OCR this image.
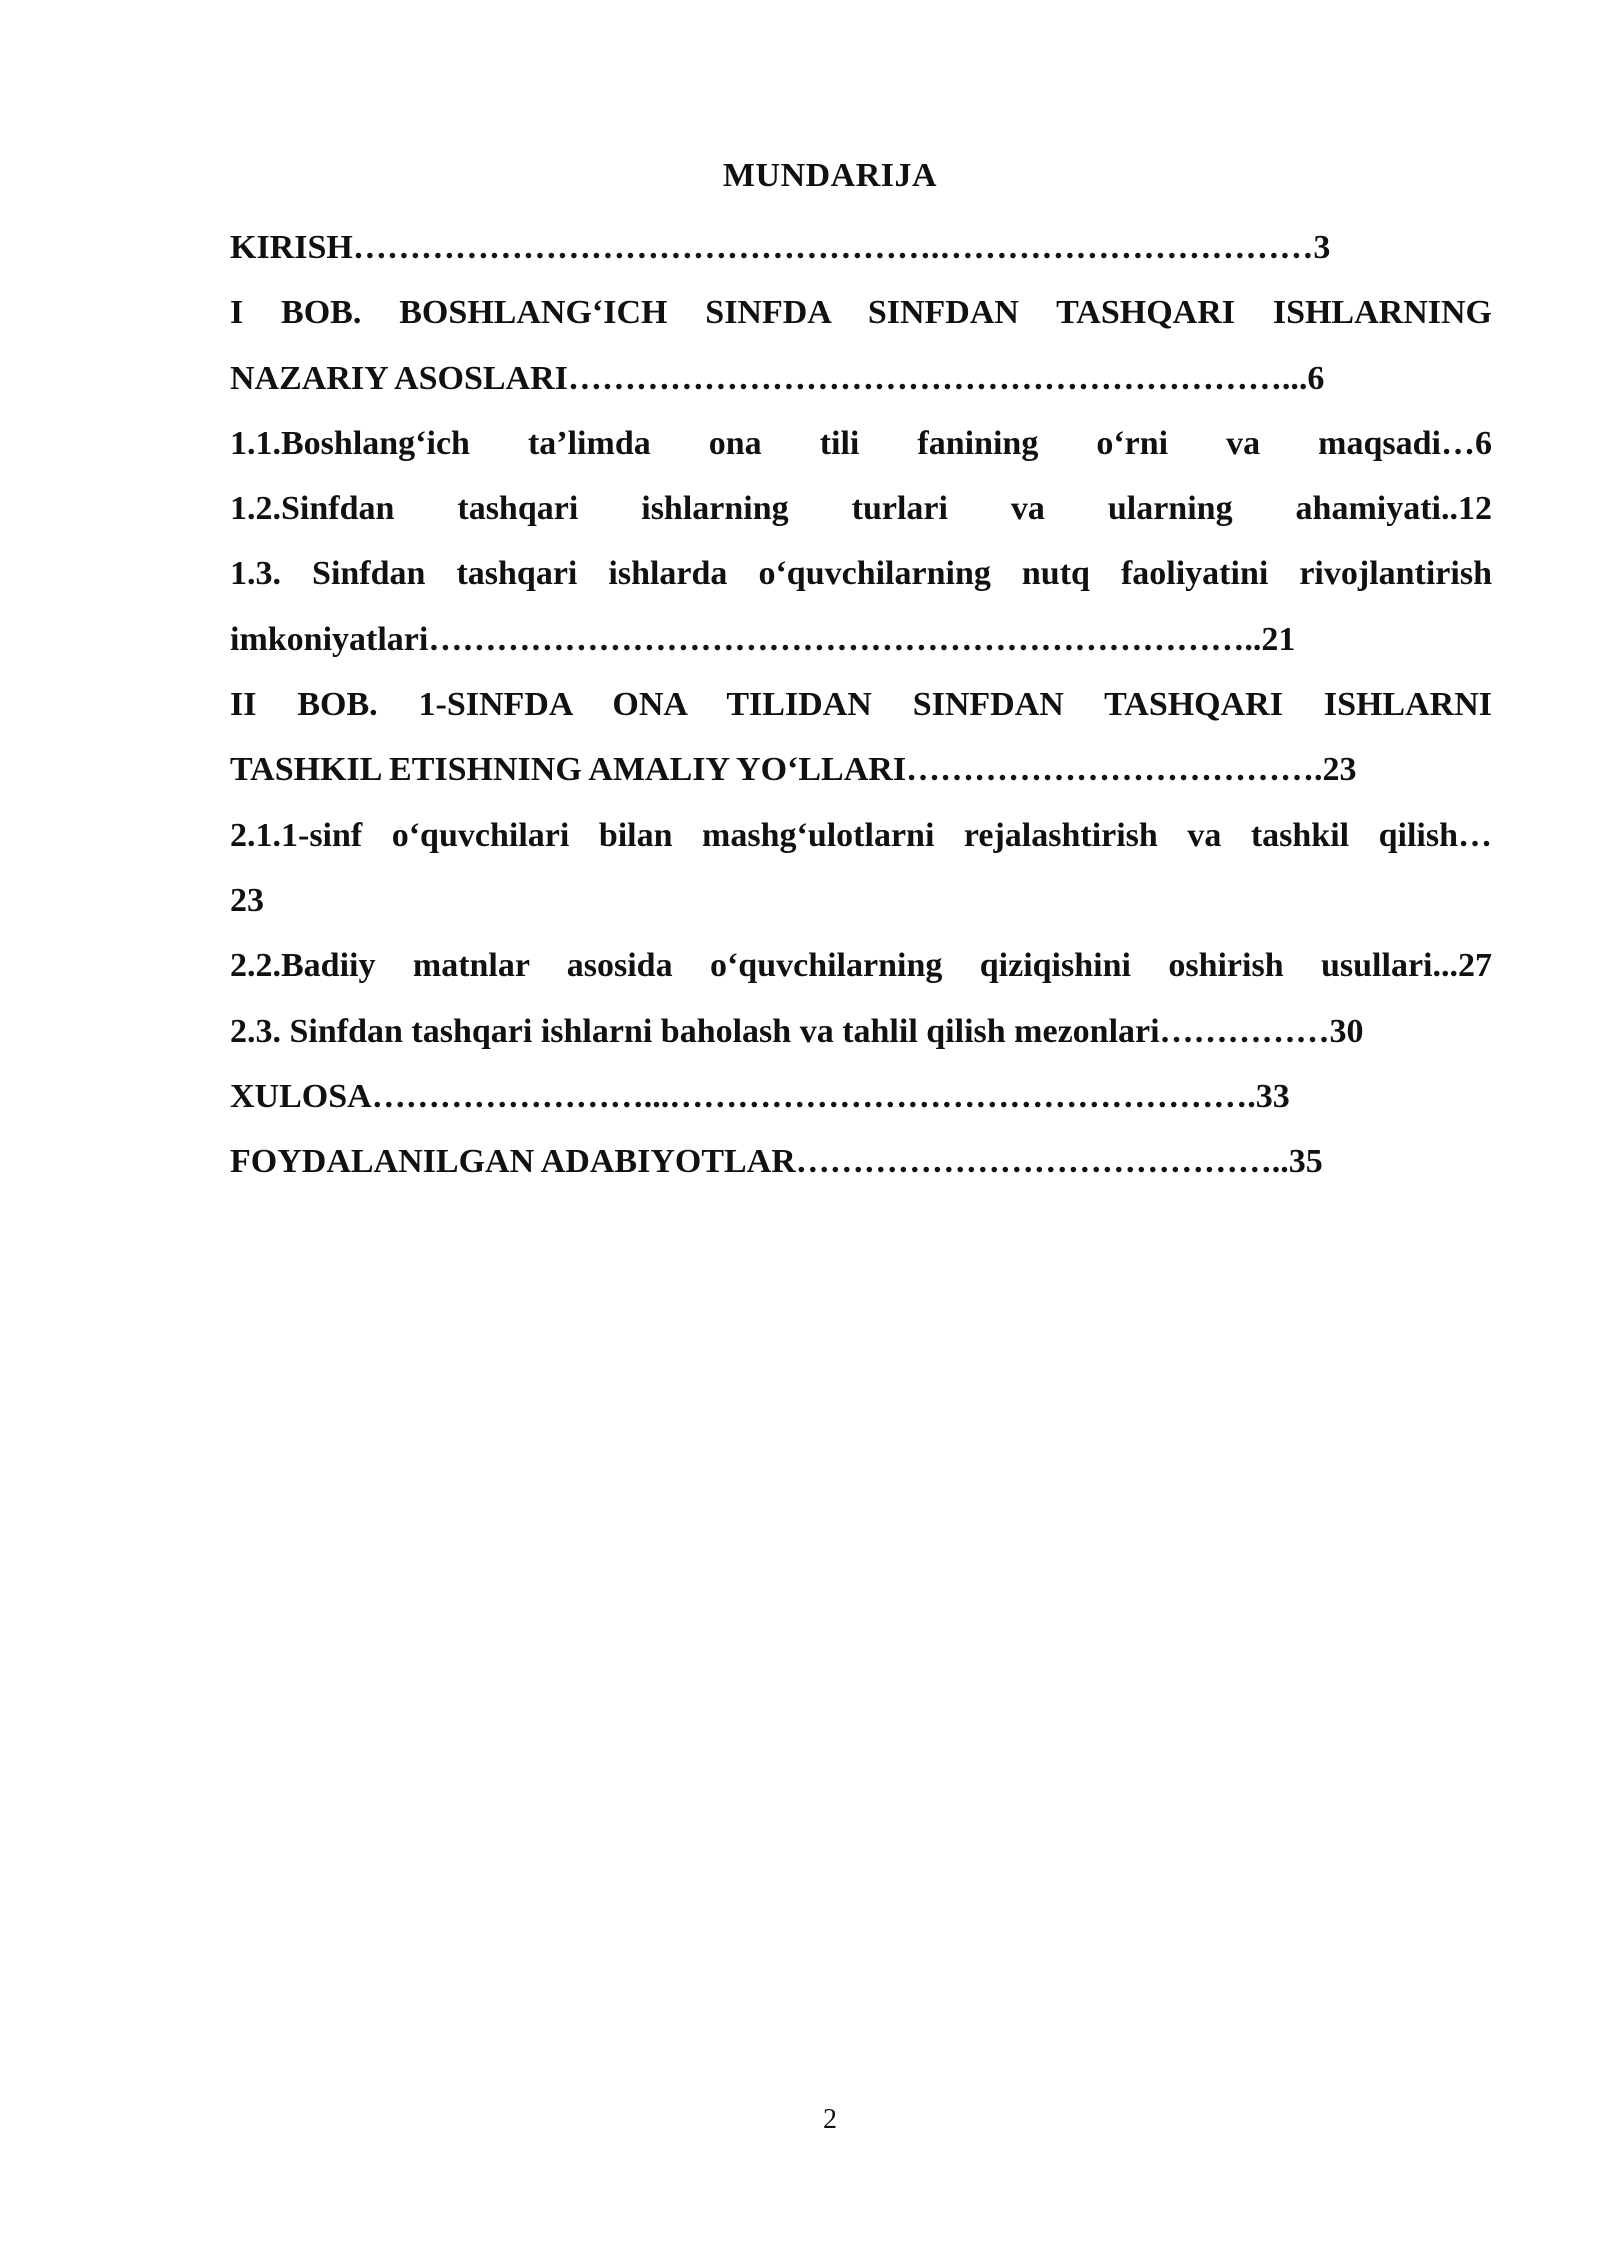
MUNDARIJA
KIRISH…………………………………………….……………………………3
I BOB. BOSHLANG‘ICH SINFDA SINFDAN TASHQARI ISHLARNING
NAZARIY ASOSLARI………………………………………………………...6
1.1.Boshlang‘ich ta’limda ona tili fanining o‘rni va maqsadi…6
1.2.Sinfdan tashqari ishlarning turlari va ularning ahamiyati..12
1.3. Sinfdan tashqari ishlarda o‘quvchilarning nutq faoliyatini rivojlantirish
imkoniyatlari………………………………………………………………..21
II BOB. 1-SINFDA ONA TILIDAN SINFDAN TASHQARI ISHLARNI
TASHKIL ETISHNING AMALIY YO‘LLARI……………………………….23
2.1.1-sinf o‘quvchilari bilan mashg‘ulotlarni rejalashtirish va tashkil qilish…
23
2.2.Badiiy matnlar asosida o‘quvchilarning qiziqishini oshirish usullari...27
2.3. Sinfdan tashqari ishlarni baholash va tahlil qilish mezonlari……………30
XULOSA……………………...…………………………………………….33
FOYDALANILGAN ADABIYOTLAR……………………………………..35
2
